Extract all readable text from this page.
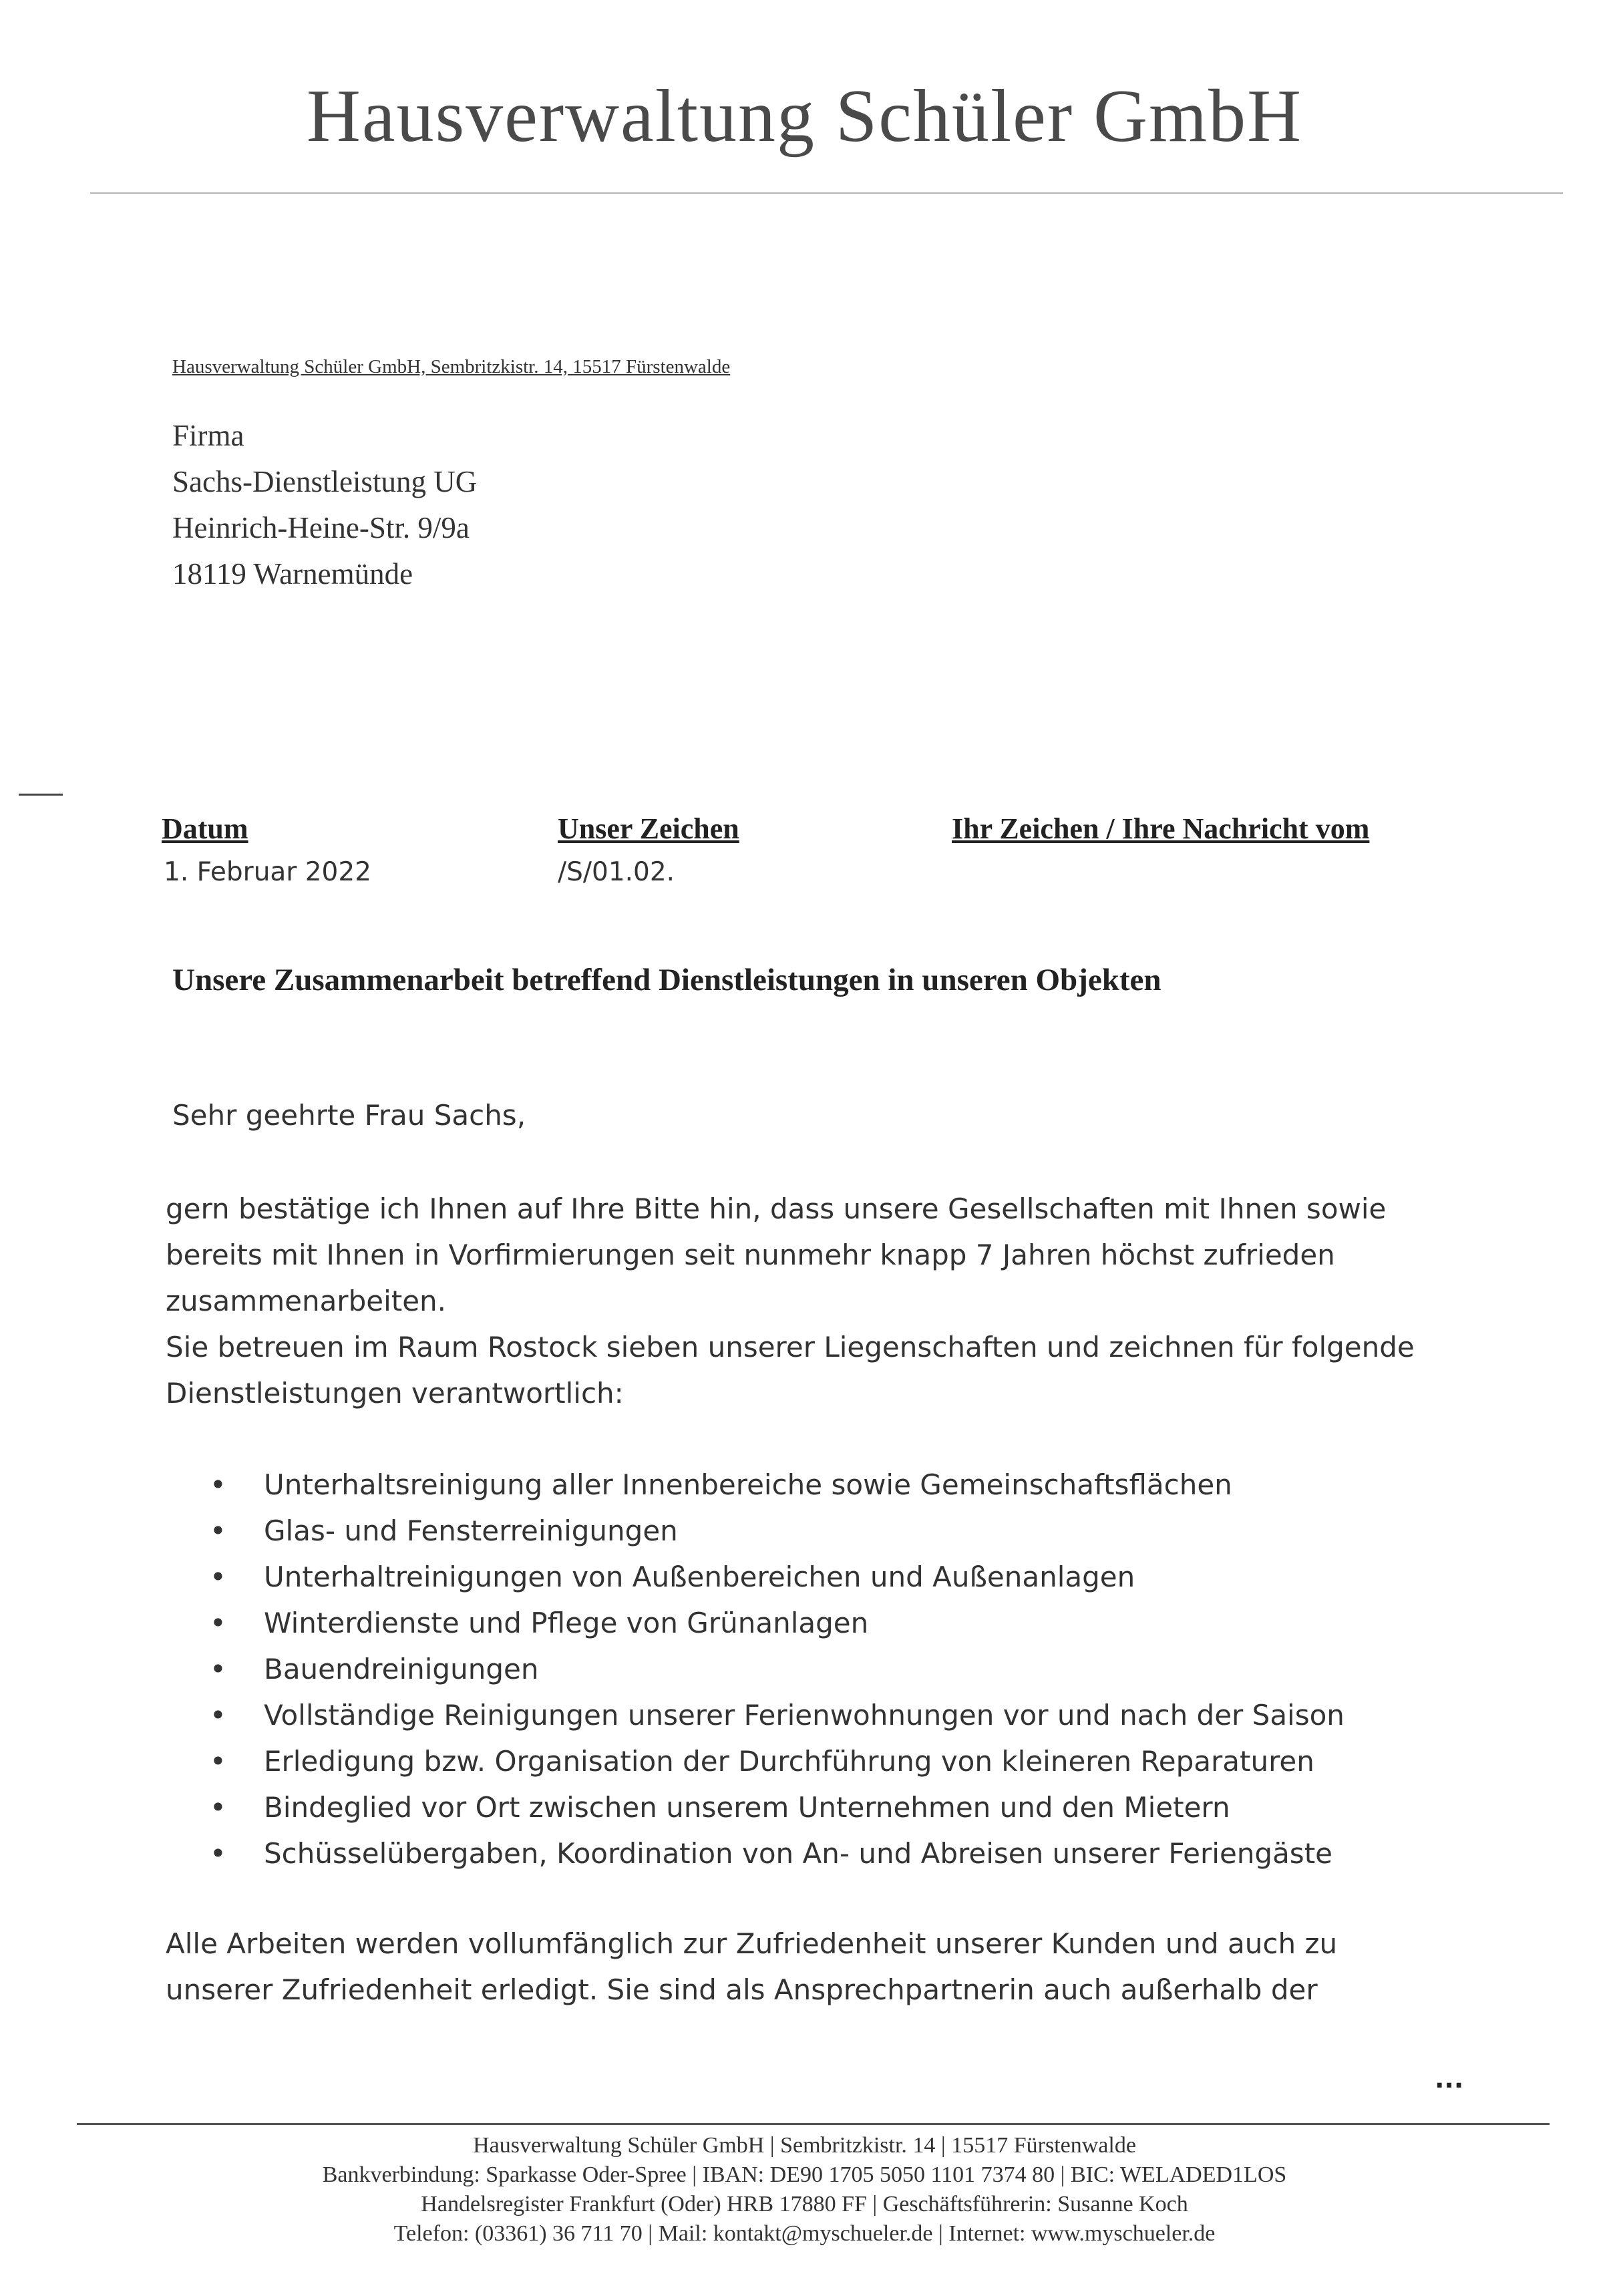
Hausverwaltung Schüler GmbH
Hausverwaltung Schüler GmbH, Sembritzkistr. 14, 15517 Fürstenwalde
Firma
Sachs-Dienstleistung UG
Heinrich-Heine-Str. 9/9a
18119 Warnemünde
Datum
1. Februar 2022
Unser Zeichen
/S/01.02.
Ihr Zeichen / Ihre Nachricht vom
Unsere Zusammenarbeit betreffend Dienstleistungen in unseren Objekten
Sehr geehrte Frau Sachs,
gern bestätige ich Ihnen auf Ihre Bitte hin, dass unsere Gesellschaften mit Ihnen sowie
bereits mit Ihnen in Vorfirmierungen seit nunmehr knapp 7 Jahren höchst zufrieden
zusammenarbeiten.
Sie betreuen im Raum Rostock sieben unserer Liegenschaften und zeichnen für folgende
Dienstleistungen verantwortlich:
• Unterhaltsreinigung aller Innenbereiche sowie Gemeinschaftsflächen
• Glas- und Fensterreinigungen
• Unterhaltreinigungen von Außenbereichen und Außenanlagen
• Winterdienste und Pflege von Grünanlagen
• Bauendreinigungen
• Vollständige Reinigungen unserer Ferienwohnungen vor und nach der Saison
• Erledigung bzw. Organisation der Durchführung von kleineren Reparaturen
• Bindeglied vor Ort zwischen unserem Unternehmen und den Mietern
• Schüsselübergaben, Koordination von An- und Abreisen unserer Feriengäste
Alle Arbeiten werden vollumfänglich zur Zufriedenheit unserer Kunden und auch zu
unserer Zufriedenheit erledigt. Sie sind als Ansprechpartnerin auch außerhalb der
...
Hausverwaltung Schüler GmbH | Sembritzkistr. 14 | 15517 Fürstenwalde
Bankverbindung: Sparkasse Oder-Spree | IBAN: DE90 1705 5050 1101 7374 80 | BIC: WELADED1LOS
Handelsregister Frankfurt (Oder) HRB 17880 FF | Geschäftsführerin: Susanne Koch
Telefon: (03361) 36 711 70 | Mail: kontakt@myschueler.de | Internet: www.myschueler.de
